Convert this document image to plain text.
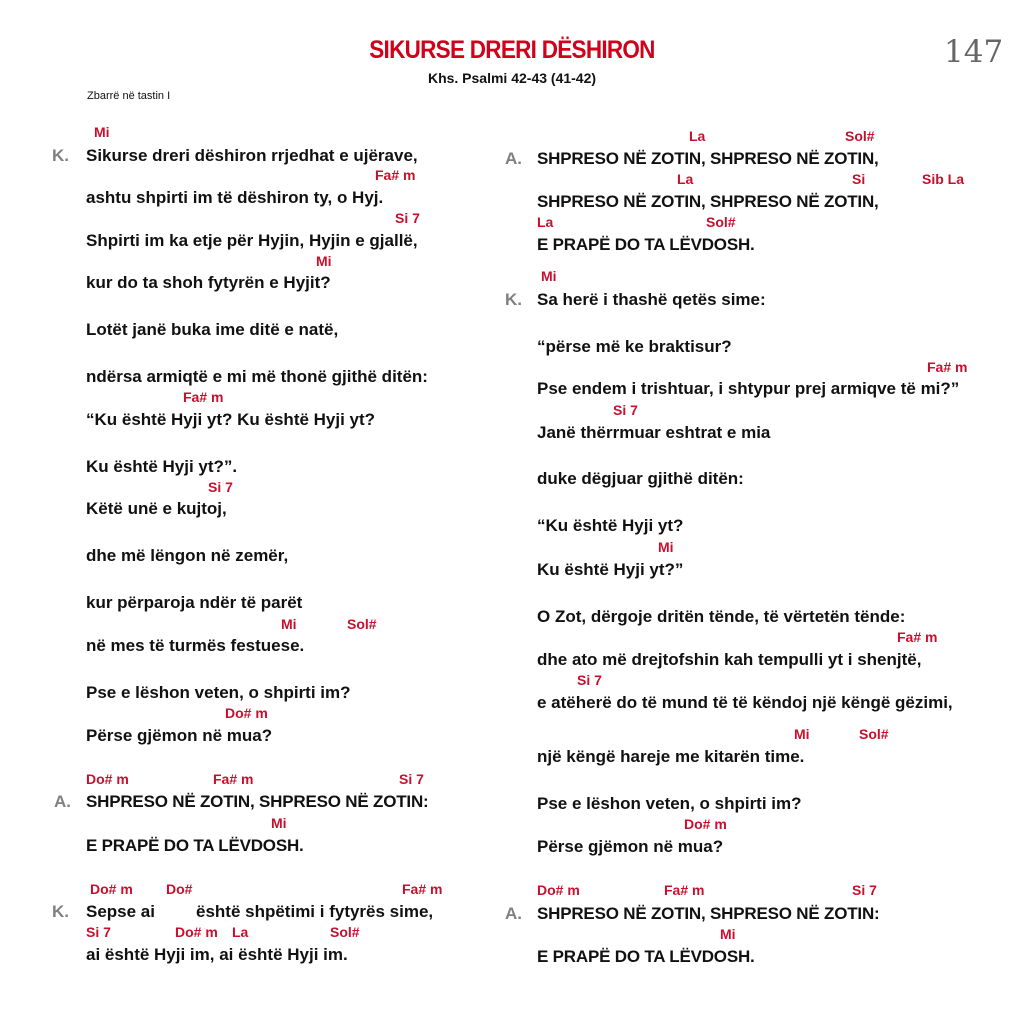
SIKURSE DRERI DËSHIRON	147
Khs. Psalmi 42-43 (41-42)
Zbarrë në tastin I
Mi
K. Sikurse dreri dëshiron rrjedhat e ujërave,
Fa# m
ashtu shpirti im të dëshiron ty, o Hyj.
Si 7
Shpirti im ka etje për Hyjin, Hyjin e gjallë,
Mi
kur do ta shoh fytyrën e Hyjit?
Lotët janë buka ime ditë e natë,
ndërsa armiqtë e mi më thonë gjithë ditën:
Fa# m
“Ku është Hyji yt? Ku është Hyji yt?
Ku është Hyji yt?”.
Si 7
Këtë unë e kujtoj,
dhe më lëngon në zemër,
kur përparoja ndër të parët
Mi	Sol#
në mes të turmës festuese.
Pse e lëshon veten, o shpirti im?
Do# m
Përse gjëmon në mua?
Do# m	Fa# m	Si 7
A. SHPRESO NË ZOTIN, SHPRESO NË ZOTIN:
Mi
E PRAPË DO TA LËVDOSH.
Do# m Do#	Fa# m
K. Sepse ai është shpëtimi i fytyrës sime,
Si 7	Do# m La	Sol#
ai është Hyji im, ai është Hyji im.
La	Sol#
A. SHPRESO NË ZOTIN, SHPRESO NË ZOTIN,
La	Si	Sib La
SHPRESO NË ZOTIN, SHPRESO NË ZOTIN,
La	Sol#
E PRAPË DO TA LËVDOSH.
Mi
K. Sa herë i thashë qetës sime:
“përse më ke braktisur?
Fa# m
Pse endem i trishtuar, i shtypur prej armiqve të mi?”
Si 7
Janë thërrmuar eshtrat e mia
duke dëgjuar gjithë ditën:
“Ku është Hyji yt?
Mi
Ku është Hyji yt?”
O Zot, dërgoje dritën tënde, të vërtetën tënde:
Fa# m
dhe ato më drejtofshin kah tempulli yt i shenjtë,
Si 7
e atëherë do të mund të të këndoj një këngë gëzimi,
Mi	Sol#
një këngë hareje me kitarën time.
Pse e lëshon veten, o shpirti im?
Do# m
Përse gjëmon në mua?
Do# m	Fa# m	Si 7
A. SHPRESO NË ZOTIN, SHPRESO NË ZOTIN:
Mi
E PRAPË DO TA LËVDOSH.
